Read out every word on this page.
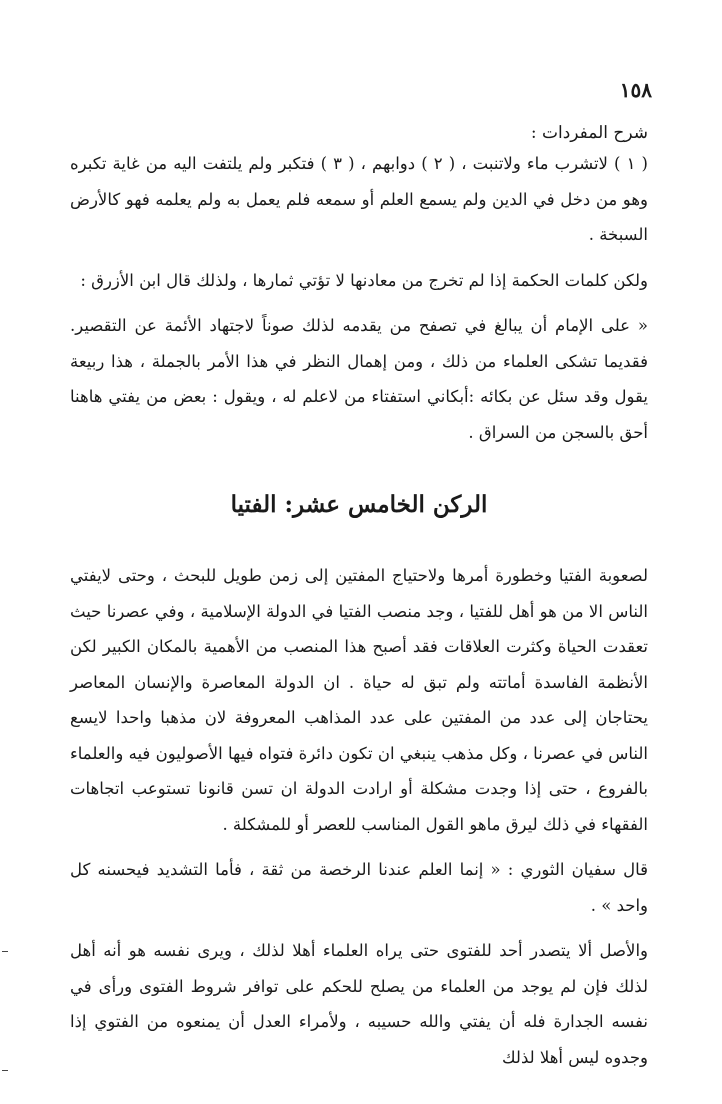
١٥٨

شرح المفردات :

( ١ ) لاتشرب ماء ولاتنبت ، ( ٢ ) دوابهم ، ( ٣ ) فتكبر ولم يلتفت اليه من غاية تكبره وهو من دخل في الدين ولم يسمع العلم أو سمعه فلم يعمل به ولم يعلمه فهو كالأرض السبخة .

ولكن كلمات الحكمة إذا لم تخرج من معادنها لا تؤتي ثمارها ، ولذلك قال ابن الأزرق :

« على الإمام أن يبالغ في تصفح من يقدمه لذلك صوناً لاجتهاد الأئمة عن التقصير. فقديما تشكى العلماء من ذلك ، ومن إهمال النظر في هذا الأمر بالجملة ، هذا ربيعة يقول وقد سئل عن بكائه :أبكاني استفتاء من لاعلم له ، ويقول : بعض من يفتي هاهنا أحق بالسجن من السراق .

الركن الخامس عشر: الفتيا

لصعوبة الفتيا وخطورة أمرها ولاحتياج المفتين إلى زمن طويل للبحث ، وحتى لايفتي الناس الا من هو أهل للفتيا ، وجد منصب الفتيا في الدولة الإسلامية ، وفي عصرنا حيث تعقدت الحياة وكثرت العلاقات فقد أصبح هذا المنصب من الأهمية بالمكان الكبير لكن الأنظمة الفاسدة أماتته ولم تبق له حياة . ان الدولة المعاصرة والإنسان المعاصر يحتاجان إلى عدد من المفتين على عدد المذاهب المعروفة لان مذهبا واحدا لايسع الناس في عصرنا ، وكل مذهب ينبغي ان تكون دائرة فتواه فيها الأصوليون فيه والعلماء بالفروع ، حتى إذا وجدت مشكلة أو ارادت الدولة ان تسن قانونا تستوعب اتجاهات الفقهاء في ذلك ليرق ماهو القول المناسب للعصر أو للمشكلة .

قال سفيان الثوري : « إنما العلم عندنا الرخصة من ثقة ، فأما التشديد فيحسنه كل واحد » .

والأصل ألا يتصدر أحد للفتوى حتى يراه العلماء أهلا لذلك ، ويرى نفسه هو أنه أهل لذلك فإن لم يوجد من العلماء من يصلح للحكم على توافر شروط الفتوى ورأى في نفسه الجدارة فله أن يفتي والله حسيبه ، ولأمراء العدل أن يمنعوه من الفتوي إذا وجدوه ليس أهلا لذلك
